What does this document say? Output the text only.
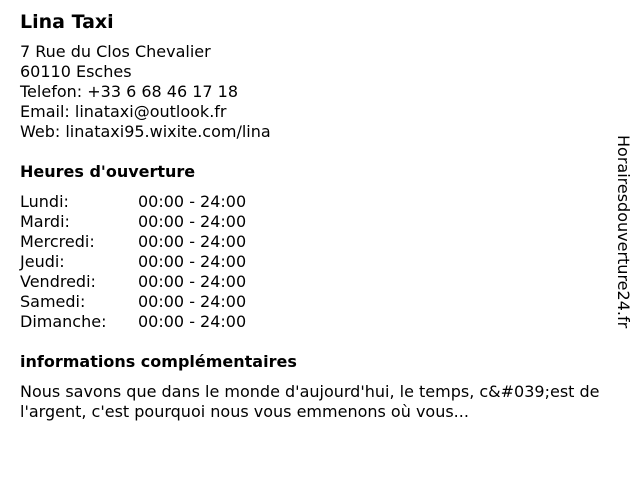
Lina Taxi
7 Rue du Clos Chevalier
60110 Esches
Telefon: +33 6 68 46 17 18
Email: linataxi@outlook.fr
Web: linataxi95.wixite.com/lina
Heures d'ouverture
Lundi:	00:00 - 24:00
Mardi:	00:00 - 24:00
Mercredi:	00:00 - 24:00
Jeudi:	00:00 - 24:00
Vendredi:	00:00 - 24:00
Samedi:	00:00 - 24:00
Dimanche:	00:00 - 24:00
informations complémentaires
Nous savons que dans le monde d'aujourd'hui, le temps, c&#039;est de l'argent, c'est pourquoi nous vous emmenons où vous...
Horairesdouverture24.fr
